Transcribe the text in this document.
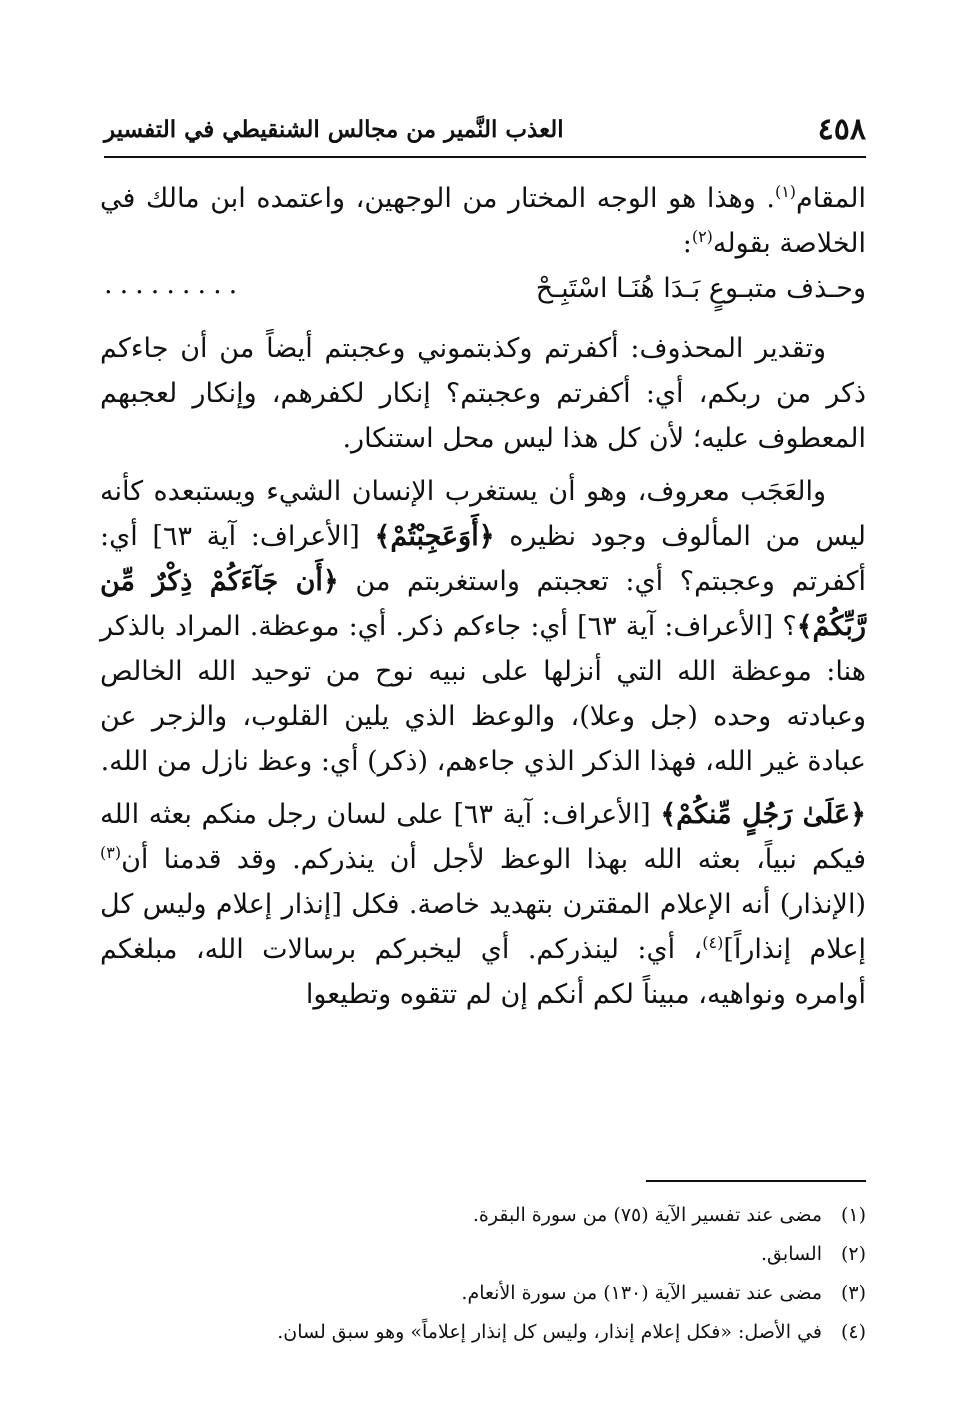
٤٥٨
العذب النَّمير من مجالس الشنقيطي في التفسير

المقام$^{(١)}$. وهذا هو الوجه المختار من الوجهين، واعتمده ابن مالك في الخلاصة بقوله$^{(٢)}$:

وحـذف متبـوعٍ بَـدَا هُنَـا اسْتَبِـحْ
.........

وتقدير المحذوف: أكفرتم وكذبتموني وعجبتم أيضاً من أن جاءكم ذكر من ربكم، أي: أكفرتم وعجبتم؟ إنكار لكفرهم، وإنكار لعجبهم المعطوف عليه؛ لأن كل هذا ليس محل استنكار.

والعَجَب معروف، وهو أن يستغرب الإنسان الشيء ويستبعده كأنه ليس من المألوف وجود نظيره ﴿أَوَعَجِبْتُمْ﴾ [الأعراف: آية ٦٣] أي: أكفرتم وعجبتم؟ أي: تعجبتم واستغربتم من ﴿أَن جَآءَكُمْ ذِكْرٌ مِّن رَّبِّكُمْ﴾؟ [الأعراف: آية ٦٣] أي: جاءكم ذكر. أي: موعظة. المراد بالذكر هنا: موعظة الله التي أنزلها على نبيه نوح من توحيد الله الخالص وعبادته وحده (جل وعلا)، والوعظ الذي يلين القلوب، والزجر عن عبادة غير الله، فهذا الذكر الذي جاءهم، (ذكر) أي: وعظ نازل من الله.

﴿عَلَىٰ رَجُلٍ مِّنكُمْ﴾ [الأعراف: آية ٦٣] على لسان رجل منكم بعثه الله فيكم نبياً، بعثه الله بهذا الوعظ لأجل أن ينذركم. وقد قدمنا أن$^{(٣)}$ (الإنذار) أنه الإعلام المقترن بتهديد خاصة. فكل [إنذار إعلام وليس كل إعلام إنذاراً]$^{(٤)}$، أي: لينذركم. أي ليخبركم برسالات الله، مبلغكم أوامره ونواهيه، مبيناً لكم أنكم إن لم تتقوه وتطيعوا

(١)مضى عند تفسير الآية (٧٥) من سورة البقرة.

(٢)السابق.

(٣)مضى عند تفسير الآية (١٣٠) من سورة الأنعام.

(٤)في الأصل: «فكل إعلام إنذار، وليس كل إنذار إعلاماً» وهو سبق لسان.
